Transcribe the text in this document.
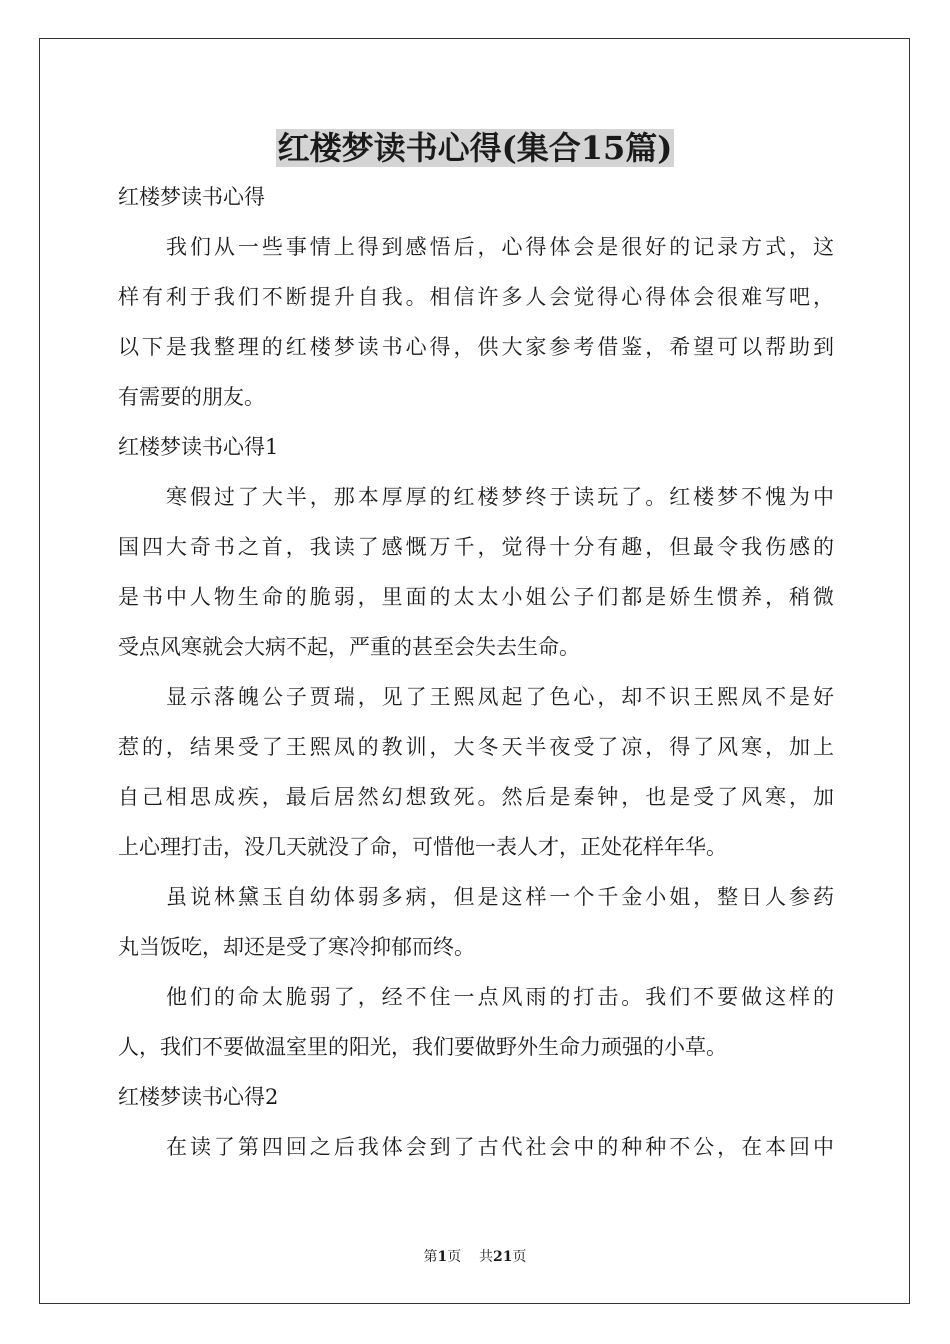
红楼梦读书心得(集合15篇)
红楼梦读书心得
我们从一些事情上得到感悟后，心得体会是很好的记录方式，这
样有利于我们不断提升自我。相信许多人会觉得心得体会很难写吧，
以下是我整理的红楼梦读书心得，供大家参考借鉴，希望可以帮助到
有需要的朋友。
红楼梦读书心得1
寒假过了大半，那本厚厚的红楼梦终于读玩了。红楼梦不愧为中
国四大奇书之首，我读了感慨万千，觉得十分有趣，但最令我伤感的
是书中人物生命的脆弱，里面的太太小姐公子们都是娇生惯养，稍微
受点风寒就会大病不起，严重的甚至会失去生命。
显示落魄公子贾瑞，见了王熙凤起了色心，却不识王熙凤不是好
惹的，结果受了王熙凤的教训，大冬天半夜受了凉，得了风寒，加上
自己相思成疾，最后居然幻想致死。然后是秦钟，也是受了风寒，加
上心理打击，没几天就没了命，可惜他一表人才，正处花样年华。
虽说林黛玉自幼体弱多病，但是这样一个千金小姐，整日人参药
丸当饭吃，却还是受了寒冷抑郁而终。
他们的命太脆弱了，经不住一点风雨的打击。我们不要做这样的
人，我们不要做温室里的阳光，我们要做野外生命力顽强的小草。
红楼梦读书心得2
在读了第四回之后我体会到了古代社会中的种种不公，在本回中
第1页 共21页
